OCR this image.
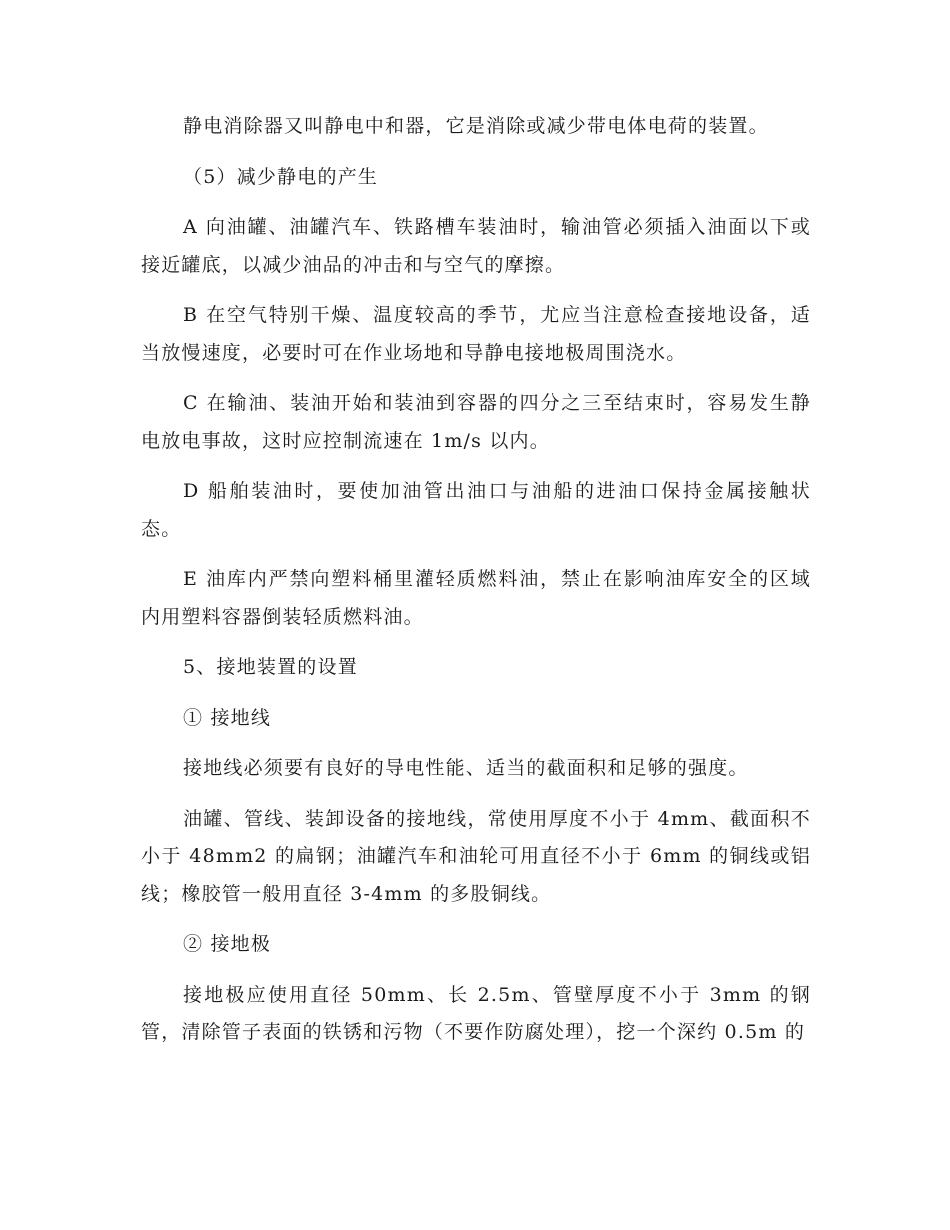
静电消除器又叫静电中和器，它是消除或减少带电体电荷的装置。

（5）减少静电的产生

A 向油罐、油罐汽车、铁路槽车装油时，输油管必须插入油面以下或接近罐底，以减少油品的冲击和与空气的摩擦。

B 在空气特别干燥、温度较高的季节，尤应当注意检查接地设备，适当放慢速度，必要时可在作业场地和导静电接地极周围浇水。

C 在输油、装油开始和装油到容器的四分之三至结束时，容易发生静电放电事故，这时应控制流速在 1m/s 以内。

D 船舶装油时，要使加油管出油口与油船的进油口保持金属接触状态。

E 油库内严禁向塑料桶里灌轻质燃料油，禁止在影响油库安全的区域内用塑料容器倒装轻质燃料油。

5、接地装置的设置

① 接地线

接地线必须要有良好的导电性能、适当的截面积和足够的强度。

油罐、管线、装卸设备的接地线，常使用厚度不小于 4mm、截面积不小于 48mm2 的扁钢；油罐汽车和油轮可用直径不小于 6mm 的铜线或铝线；橡胶管一般用直径 3-4mm 的多股铜线。

② 接地极

接地极应使用直径 50mm、长 2.5m、管壁厚度不小于 3mm 的钢管，清除管子表面的铁锈和污物（不要作防腐处理），挖一个深约 0.5m 的
